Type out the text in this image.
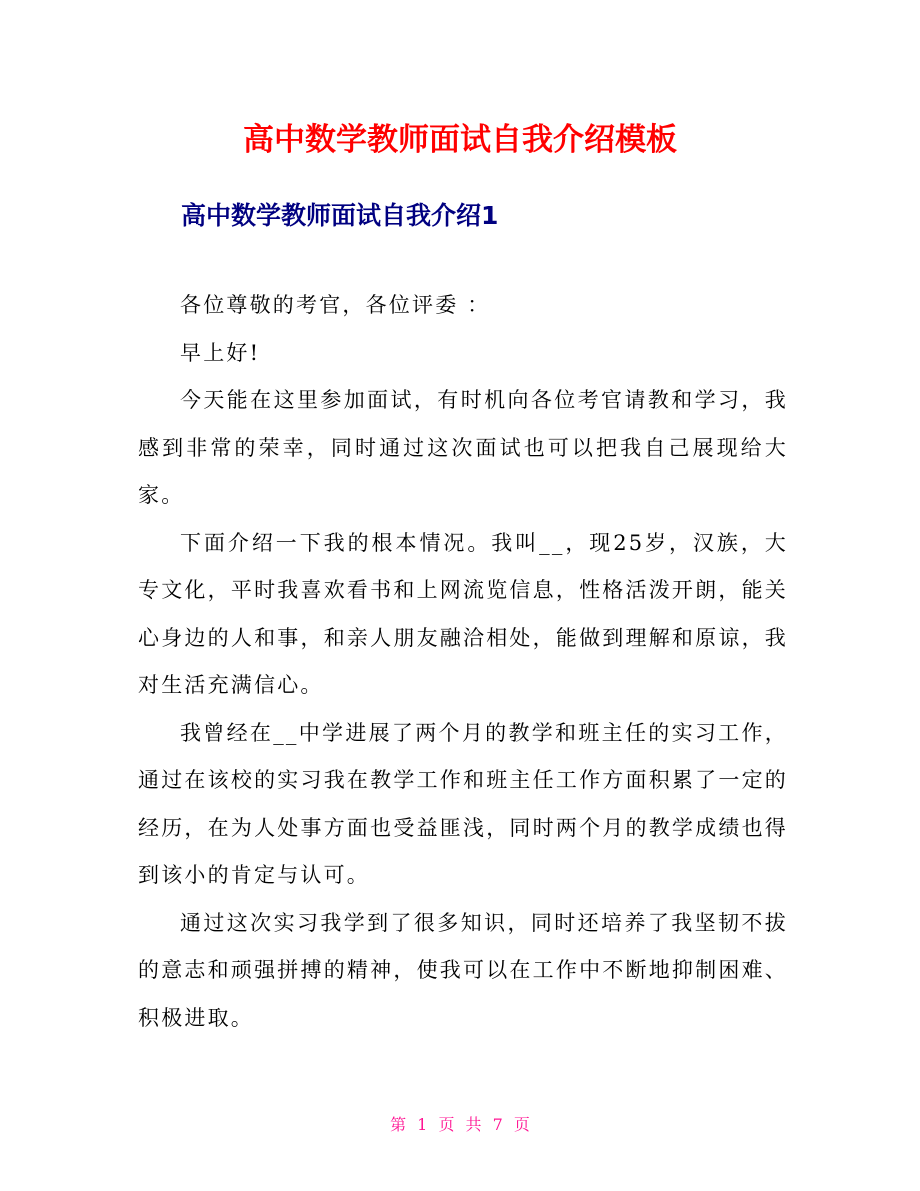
高中数学教师面试自我介绍模板
高中数学教师面试自我介绍1

各位尊敬的考官，各位评委 ：

早上好!

今天能在这里参加面试，有时机向各位考官请教和学习，我感到非常的荣幸，同时通过这次面试也可以把我自己展现给大家。

下面介绍一下我的根本情况。我叫__，现25岁，汉族，大专文化，平时我喜欢看书和上网流览信息，性格活泼开朗，能关心身边的人和事，和亲人朋友融洽相处，能做到理解和原谅，我对生活充满信心。

我曾经在__中学进展了两个月的教学和班主任的实习工作，通过在该校的实习我在教学工作和班主任工作方面积累了一定的经历，在为人处事方面也受益匪浅，同时两个月的教学成绩也得到该小的肯定与认可。

通过这次实习我学到了很多知识，同时还培养了我坚韧不拔的意志和顽强拼搏的精神，使我可以在工作中不断地抑制困难、积极进取。

第 1 页 共 7 页
